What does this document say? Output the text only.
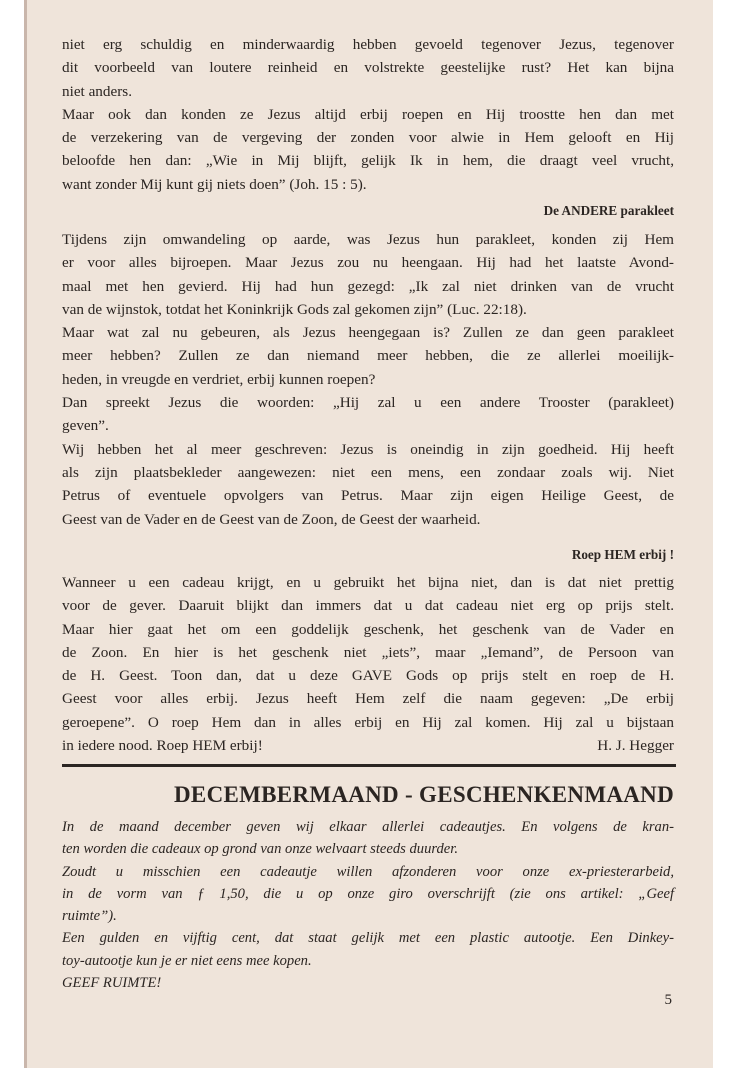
niet erg schuldig en minderwaardig hebben gevoeld tegenover Jezus, tegenover
dit voorbeeld van loutere reinheid en volstrekte geestelijke rust? Het kan bijna
niet anders.
Maar ook dan konden ze Jezus altijd erbij roepen en Hij troostte hen dan met
de verzekering van de vergeving der zonden voor alwie in Hem gelooft en Hij
beloofde hen dan: „Wie in Mij blijft, gelijk Ik in hem, die draagt veel vrucht,
want zonder Mij kunt gij niets doen” (Joh. 15 : 5).
De ANDERE parakleet
Tijdens zijn omwandeling op aarde, was Jezus hun parakleet, konden zij Hem
er voor alles bijroepen. Maar Jezus zou nu heengaan. Hij had het laatste Avond-
maal met hen gevierd. Hij had hun gezegd: „Ik zal niet drinken van de vrucht
van de wijnstok, totdat het Koninkrijk Gods zal gekomen zijn” (Luc. 22:18).
Maar wat zal nu gebeuren, als Jezus heengegaan is? Zullen ze dan geen parakleet
meer hebben? Zullen ze dan niemand meer hebben, die ze allerlei moeilijk-
heden, in vreugde en verdriet, erbij kunnen roepen?
Dan spreekt Jezus die woorden: „Hij zal u een andere Trooster (parakleet)
geven”.
Wij hebben het al meer geschreven: Jezus is oneindig in zijn goedheid. Hij heeft
als zijn plaatsbekleder aangewezen: niet een mens, een zondaar zoals wij. Niet
Petrus of eventuele opvolgers van Petrus. Maar zijn eigen Heilige Geest, de
Geest van de Vader en de Geest van de Zoon, de Geest der waarheid.
Roep HEM erbij !
Wanneer u een cadeau krijgt, en u gebruikt het bijna niet, dan is dat niet prettig
voor de gever. Daaruit blijkt dan immers dat u dat cadeau niet erg op prijs stelt.
Maar hier gaat het om een goddelijk geschenk, het geschenk van de Vader en
de Zoon. En hier is het geschenk niet „iets”, maar „Iemand”, de Persoon van
de H. Geest. Toon dan, dat u deze GAVE Gods op prijs stelt en roep de H.
Geest voor alles erbij. Jezus heeft Hem zelf die naam gegeven: „De erbij
geroepene”. O roep Hem dan in alles erbij en Hij zal komen. Hij zal u bijstaan
in iedere nood. Roep HEM erbij!	H. J. Hegger
DECEMBERMAAND - GESCHENKENMAAND
In de maand december geven wij elkaar allerlei cadeautjes. En volgens de kran-
ten worden die cadeaux op grond van onze welvaart steeds duurder.
Zoudt u misschien een cadeautje willen afzonderen voor onze ex-priesterarbeid,
in de vorm van ƒ 1,50, die u op onze giro overschrijft (zie ons artikel: „Geef
ruimte”).
Een gulden en vijftig cent, dat staat gelijk met een plastic autootje. Een Dinkey-
toy-autootje kun je er niet eens mee kopen.
GEEF RUIMTE!
5
